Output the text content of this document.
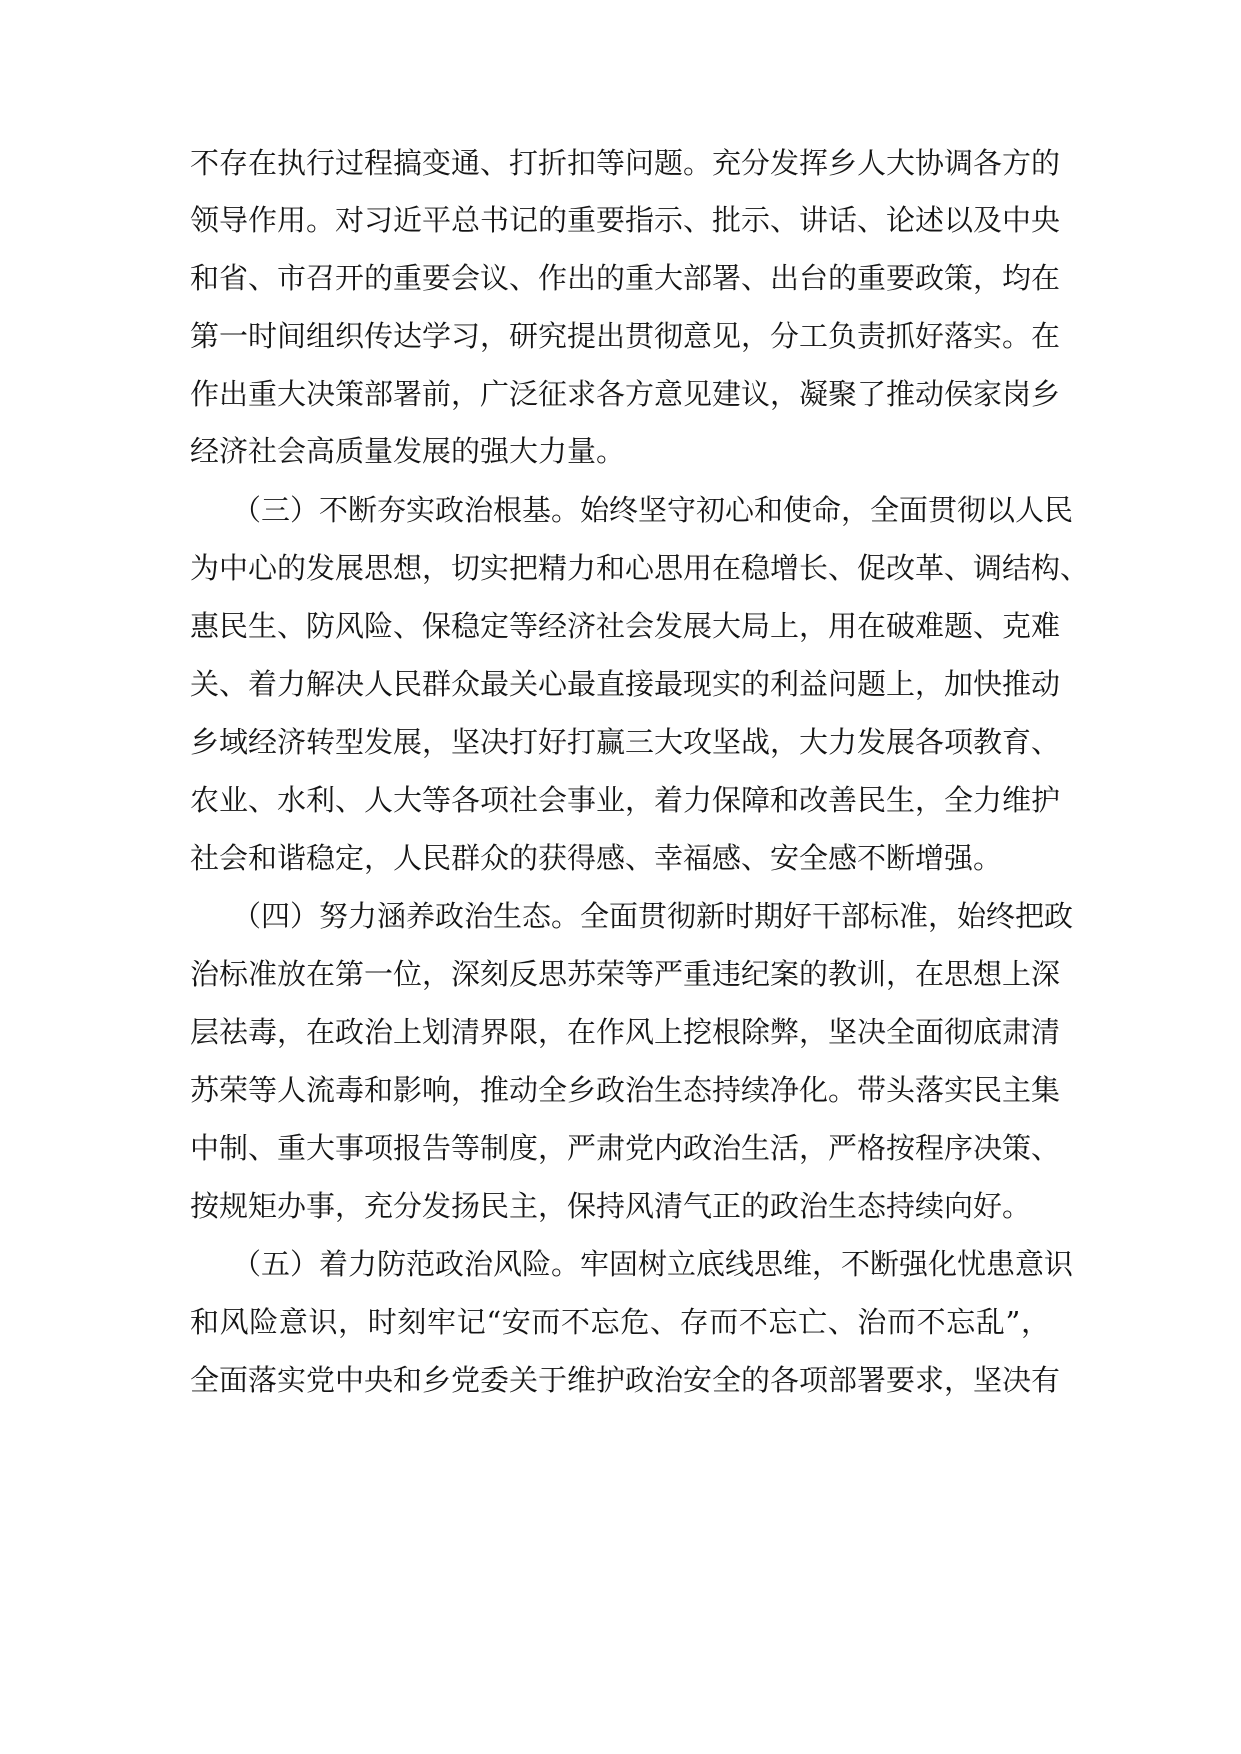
不存在执行过程搞变通、打折扣等问题。充分发挥乡人大协调各方的
领导作用。对习近平总书记的重要指示、批示、讲话、论述以及中央
和省、市召开的重要会议、作出的重大部署、出台的重要政策，均在
第一时间组织传达学习，研究提出贯彻意见，分工负责抓好落实。在
作出重大决策部署前，广泛征求各方意见建议，凝聚了推动侯家岗乡
经济社会高质量发展的强大力量。
（三）不断夯实政治根基。始终坚守初心和使命，全面贯彻以人民
为中心的发展思想，切实把精力和心思用在稳增长、促改革、调结构、
惠民生、防风险、保稳定等经济社会发展大局上，用在破难题、克难
关、着力解决人民群众最关心最直接最现实的利益问题上，加快推动
乡域经济转型发展，坚决打好打赢三大攻坚战，大力发展各项教育、
农业、水利、人大等各项社会事业，着力保障和改善民生，全力维护
社会和谐稳定，人民群众的获得感、幸福感、安全感不断增强。
（四）努力涵养政治生态。全面贯彻新时期好干部标准，始终把政
治标准放在第一位，深刻反思苏荣等严重违纪案的教训，在思想上深
层祛毒，在政治上划清界限，在作风上挖根除弊，坚决全面彻底肃清
苏荣等人流毒和影响，推动全乡政治生态持续净化。带头落实民主集
中制、重大事项报告等制度，严肃党内政治生活，严格按程序决策、
按规矩办事，充分发扬民主，保持风清气正的政治生态持续向好。
（五）着力防范政治风险。牢固树立底线思维，不断强化忧患意识
和风险意识，时刻牢记“安而不忘危、存而不忘亡、治而不忘乱”，
全面落实党中央和乡党委关于维护政治安全的各项部署要求，坚决有
